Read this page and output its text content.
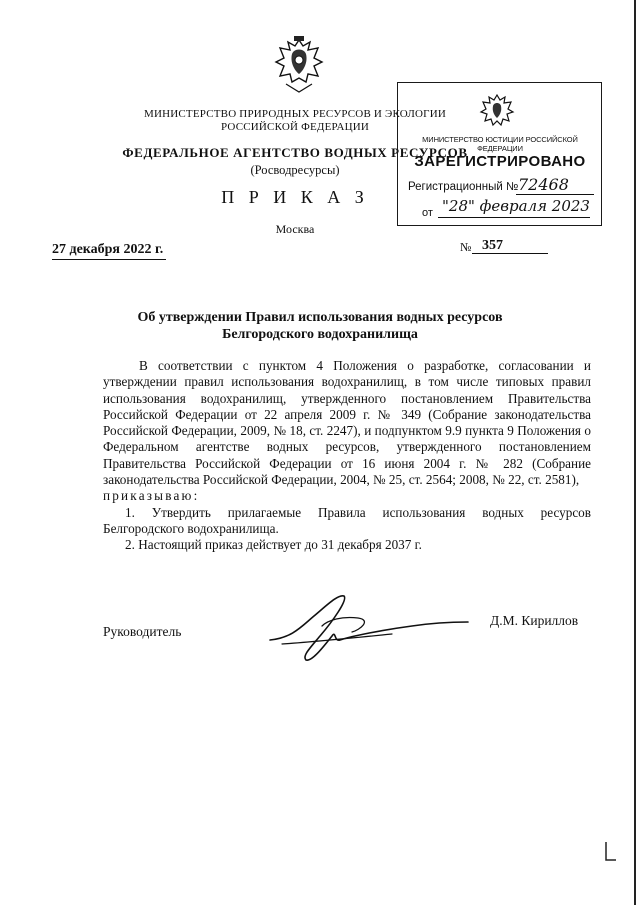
МИНИСТЕРСТВО ПРИРОДНЫХ РЕСУРСОВ И ЭКОЛОГИИ
РОССИЙСКОЙ ФЕДЕРАЦИИ
ФЕДЕРАЛЬНОЕ АГЕНТСТВО ВОДНЫХ РЕСУРСОВ
(Росводресурсы)
П Р И К А З
Москва
27 декабря 2022 г.	№ 357
МИНИСТЕРСТВО ЮСТИЦИИ РОССИЙСКОЙ ФЕДЕРАЦИИ
ЗАРЕГИСТРИРОВАНО
Регистрационный № 72468
от "28" февраля 2023
Об утверждении Правил использования водных ресурсов
Белгородского водохранилища

В соответствии с пунктом 4 Положения о разработке, согласовании и утверждении правил использования водохранилищ, в том числе типовых правил использования водохранилищ, утвержденного постановлением Правительства Российской Федерации от 22 апреля 2009 г. № 349 (Собрание законодательства Российской Федерации, 2009, № 18, ст. 2247), и подпунктом 9.9 пункта 9 Положения о Федеральном агентстве водных ресурсов, утвержденного постановлением Правительства Российской Федерации от 16 июня 2004 г. № 282 (Собрание законодательства Российской Федерации, 2004, № 25, ст. 2564; 2008, № 22, ст. 2581),

приказываю:

1. Утвердить прилагаемые Правила использования водных ресурсов Белгородского водохранилища.

2. Настоящий приказ действует до 31 декабря 2037 г.

Руководитель
Д.М. Кириллов
